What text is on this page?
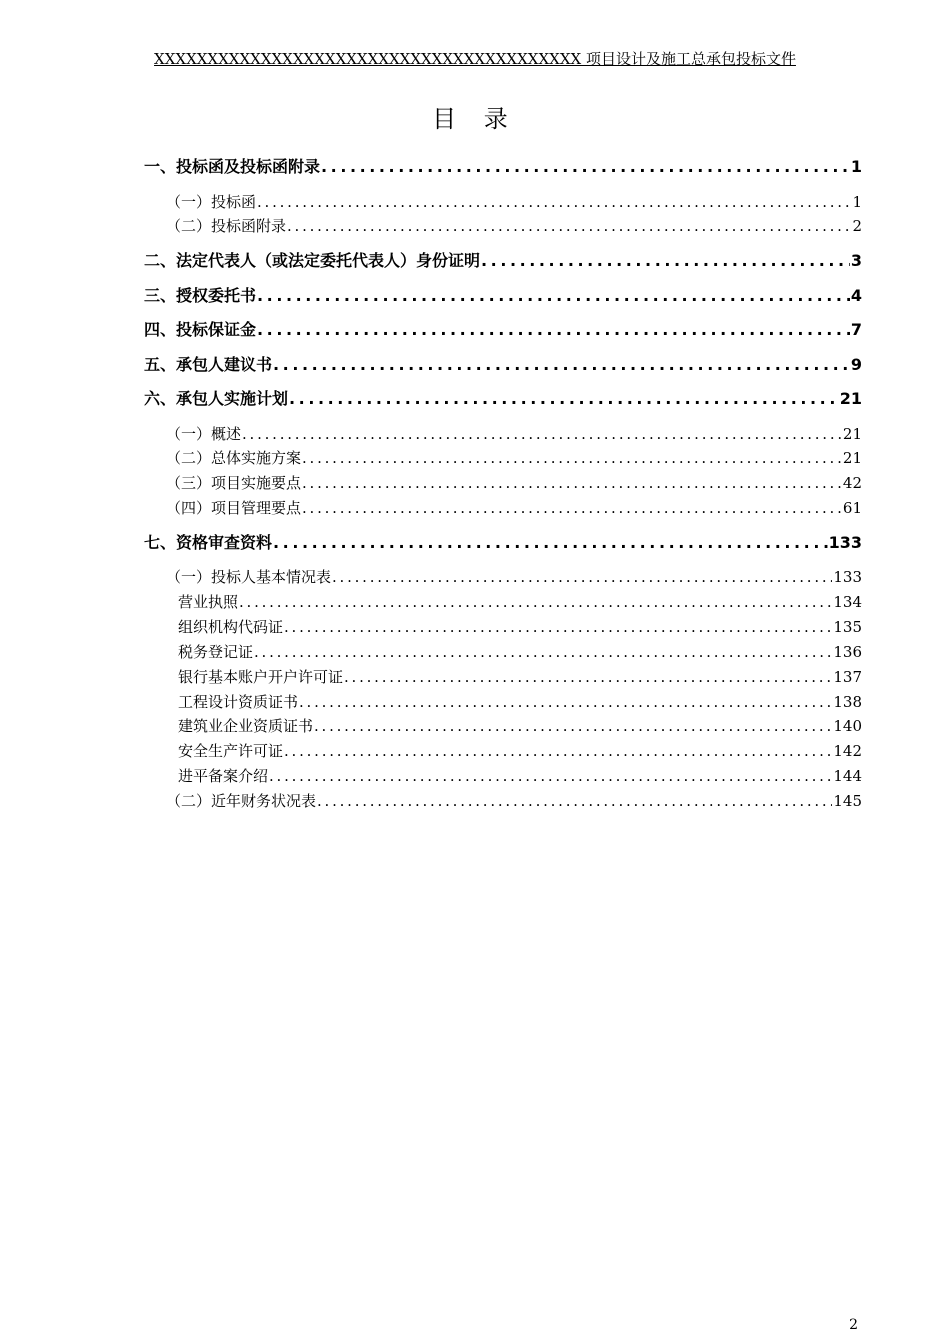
XXXXXXXXXXXXXXXXXXXXXXXXXXXXXXXXXXXXXXXX 项目设计及施工总承包投标文件
目 录
一、投标函及投标函附录 . . .	1
（一）投标函 . . .	1
（二）投标函附录 . . .	2
二、法定代表人（或法定委托代表人）身份证明 . . .	3
三、授权委托书 . . .	4
四、投标保证金 . . .	7
五、承包人建议书 . . .	9
六、承包人实施计划 . . .	21
（一）概述 . . .	21
（二）总体实施方案 . . .	21
（三）项目实施要点 . . .	42
（四）项目管理要点 . . .	61
七、资格审查资料 . . .	133
（一）投标人基本情况表 . . .	133
营业执照 . . .	134
组织机构代码证 . . .	135
税务登记证 . . .	136
银行基本账户开户许可证 . . .	137
工程设计资质证书 . . .	138
建筑业企业资质证书 . . .	140
安全生产许可证 . . .	142
进平备案介绍 . . .	144
（二）近年财务状况表 . . .	145
2
